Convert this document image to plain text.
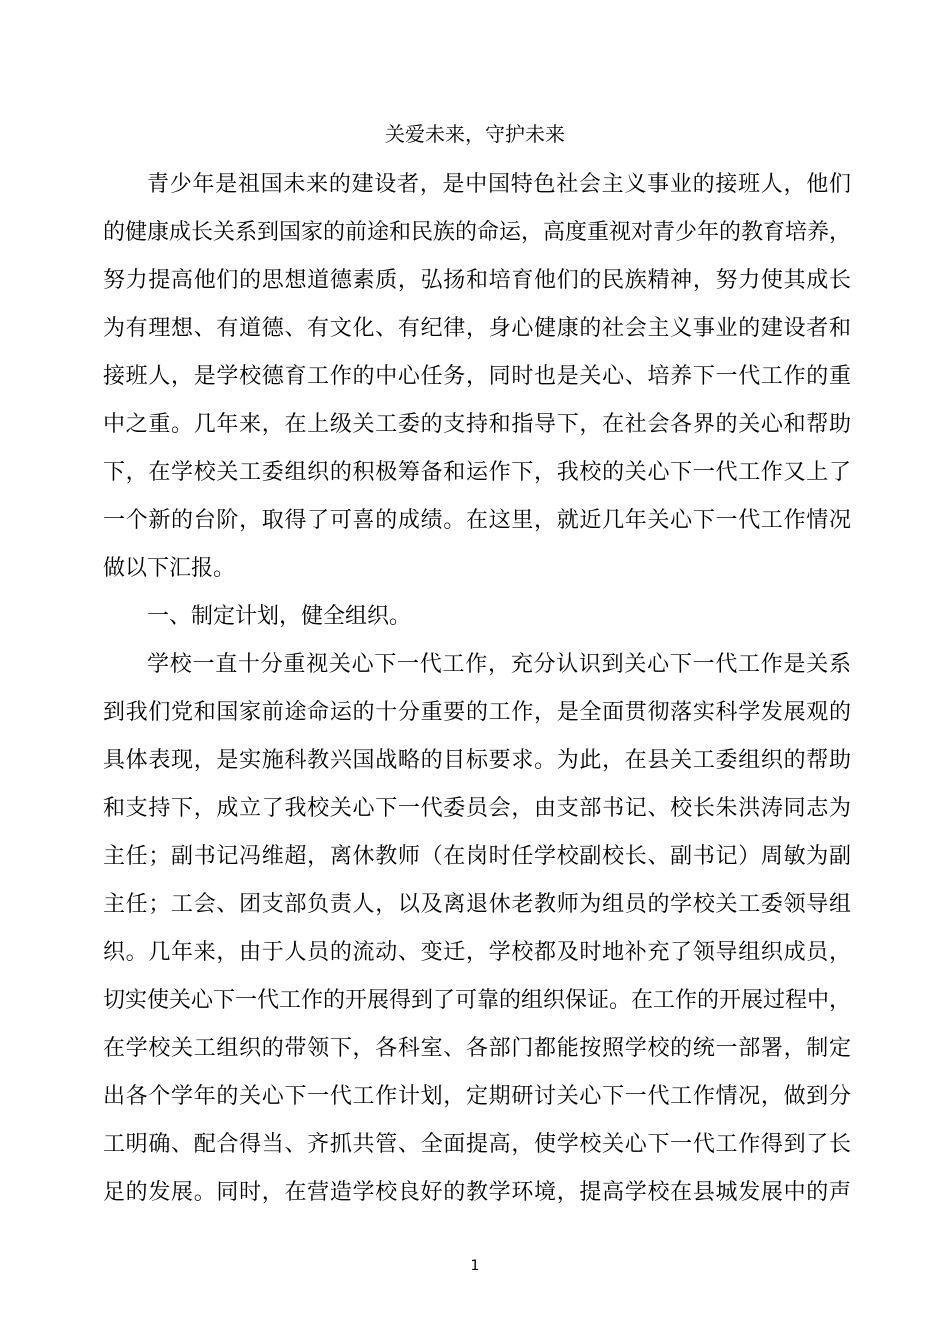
关爱未来，守护未来
青少年是祖国未来的建设者，是中国特色社会主义事业的接班人，他们
的健康成长关系到国家的前途和民族的命运，高度重视对青少年的教育培养，
努力提高他们的思想道德素质，弘扬和培育他们的民族精神，努力使其成长
为有理想、有道德、有文化、有纪律，身心健康的社会主义事业的建设者和
接班人，是学校德育工作的中心任务，同时也是关心、培养下一代工作的重
中之重。几年来，在上级关工委的支持和指导下，在社会各界的关心和帮助
下，在学校关工委组织的积极筹备和运作下，我校的关心下一代工作又上了
一个新的台阶，取得了可喜的成绩。在这里，就近几年关心下一代工作情况
做以下汇报。
一、制定计划，健全组织。
学校一直十分重视关心下一代工作，充分认识到关心下一代工作是关系
到我们党和国家前途命运的十分重要的工作，是全面贯彻落实科学发展观的
具体表现，是实施科教兴国战略的目标要求。为此，在县关工委组织的帮助
和支持下，成立了我校关心下一代委员会，由支部书记、校长朱洪涛同志为
主任；副书记冯维超，离休教师（在岗时任学校副校长、副书记）周敏为副
主任；工会、团支部负责人，以及离退休老教师为组员的学校关工委领导组
织。几年来，由于人员的流动、变迁，学校都及时地补充了领导组织成员，
切实使关心下一代工作的开展得到了可靠的组织保证。在工作的开展过程中，
在学校关工组织的带领下，各科室、各部门都能按照学校的统一部署，制定
出各个学年的关心下一代工作计划，定期研讨关心下一代工作情况，做到分
工明确、配合得当、齐抓共管、全面提高，使学校关心下一代工作得到了长
足的发展。同时，在营造学校良好的教学环境，提高学校在县城发展中的声
1
